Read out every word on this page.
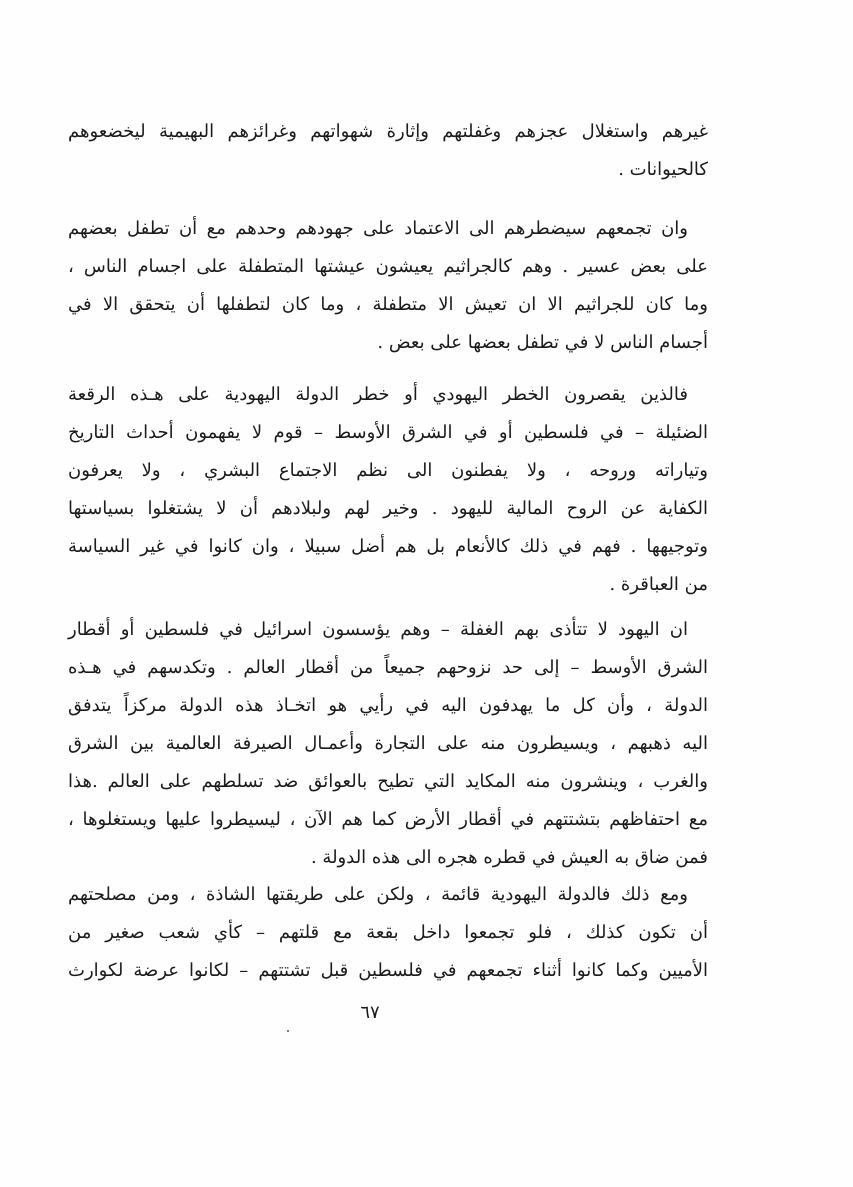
غيرهم واستغلال عجزهم وغفلتهم وإثارة شهواتهم وغرائزهم البهيمية ليخضعوهم
كالحيوانات .
وان تجمعهم سيضطرهم الى الاعتماد على جهودهم وحدهم مع أن تطفل بعضهم
على بعض عسير . وهم كالجراثيم يعيشون عيشتها المتطفلة على اجسام الناس ،
وما كان للجراثيم الا ان تعيش الا متطفلة ، وما كان لتطفلها أن يتحقق الا في
أجسام الناس لا في تطفل بعضها على بعض .
فالذين يقصرون الخطر اليهودي أو خطر الدولة اليهودية على هـذه الرقعة
الضئيلة – في فلسطين أو في الشرق الأوسط – قوم لا يفهمون أحداث التاريخ
وتياراته وروحه ، ولا يفطنون الى نظم الاجتماع البشري ، ولا يعرفون
الكفاية عن الروح المالية لليهود . وخير لهم ولبلادهم أن لا يشتغلوا بسياستها
وتوجيهها . فهم في ذلك كالأنعام بل هم أضل سبيلا ، وان كانوا في غير السياسة
من العباقرة .
ان اليهود لا تتأذى بهم الغفلة – وهم يؤسسون اسرائيل في فلسطين أو أقطار
الشرق الأوسط – إلى حد نزوحهم جميعاً من أقطار العالم . وتكدسهم في هـذه
الدولة ، وأن كل ما يهدفون اليه في رأيي هو اتخـاذ هذه الدولة مركزاً يتدفق
اليه ذهبهم ، ويسيطرون منه على التجارة وأعمـال الصيرفة العالمية بين الشرق
والغرب ، وينشرون منه المكايد التي تطيح بالعوائق ضد تسلطهم على العالم .هذا
مع احتفاظهم بتشتتهم في أقطار الأرض كما هم الآن ، ليسيطروا عليها ويستغلوها ،
فمن ضاق به العيش في قطره هجره الى هذه الدولة .
ومع ذلك فالدولة اليهودية قائمة ، ولكن على طريقتها الشاذة ، ومن مصلحتهم
أن تكون كذلك ، فلو تجمعوا داخل بقعة مع قلتهم – كأي شعب صغير من
الأميين وكما كانوا أثناء تجمعهم في فلسطين قبل تشتتهم – لكانوا عرضة لكوارث
٦٧
